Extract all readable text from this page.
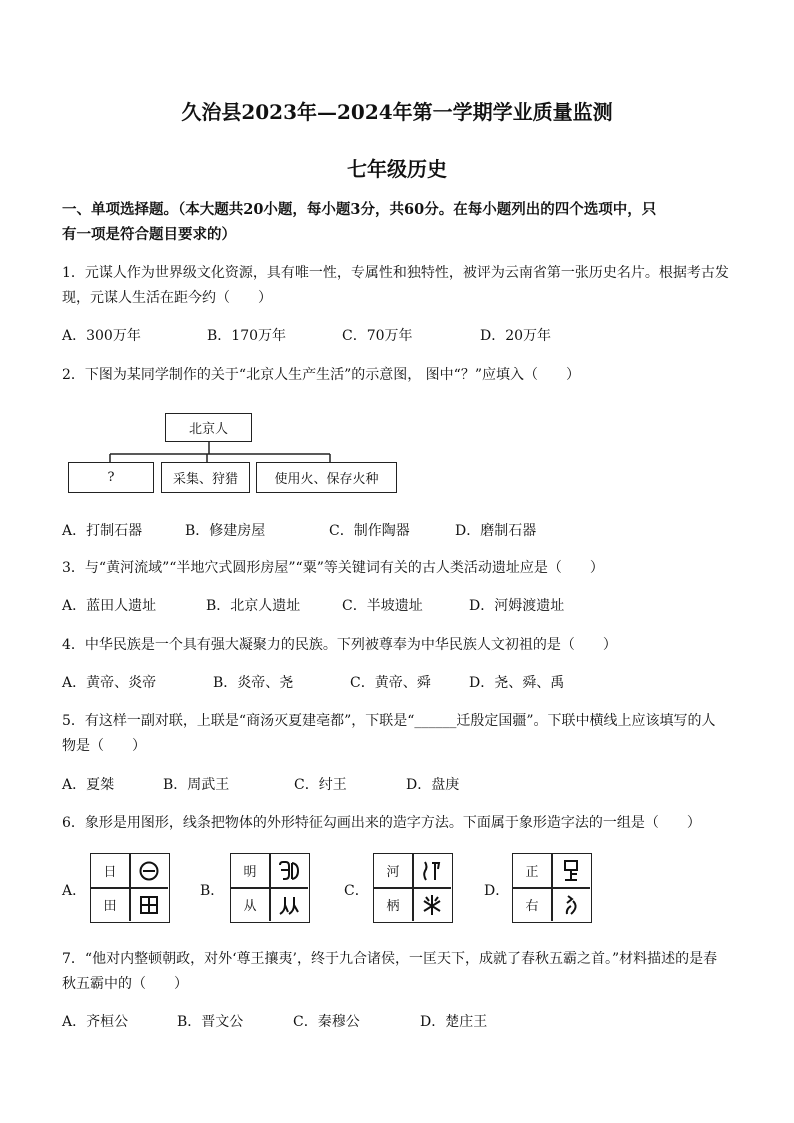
久治县2023年—2024年第一学期学业质量监测
七年级历史
一、单项选择题。（本大题共20小题，每小题3分，共60分。在每小题列出的四个选项中，只
有一项是符合题目要求的）
1．元谋人作为世界级文化资源，具有唯一性，专属性和独特性，被评为云南省第一张历史名片。根据考古发
现，元谋人生活在距今约（　　）
A．300万年	B．170万年	C．70万年	D．20万年
2．下图为某同学制作的关于“北京人生产生活”的示意图， 图中“？”应填入（　　）
北京人
?	采集、狩猎	使用火、保存火种
A．打制石器	B．修建房屋	C．制作陶器	D．磨制石器
3．与“黄河流域”“半地穴式圆形房屋”“粟”等关键词有关的古人类活动遗址应是（　　）
A．蓝田人遗址	B．北京人遗址	C．半坡遗址	D．河姆渡遗址
4．中华民族是一个具有强大凝聚力的民族。下列被尊奉为中华民族人文初祖的是（　　）
A．黄帝、炎帝	B．炎帝、尧	C．黄帝、舜	D．尧、舜、禹
5．有这样一副对联，上联是“商汤灭夏建亳都”，下联是“______迁殷定国疆”。下联中横线上应该填写的人
物是（　　）
A．夏桀	B．周武王	C．纣王	D．盘庚
6．象形是用图形，线条把物体的外形特征勾画出来的造字方法。下面属于象形造字法的一组是（　　）
A．
日
田
B．
明
从
C．
河
柄
D．
正
右
7．“他对内整顿朝政，对外‘尊王攘夷’，终于九合诸侯，一匡天下，成就了春秋五霸之首。”材料描述的是春
秋五霸中的（　　）
A．齐桓公	B．晋文公	C．秦穆公	D．楚庄王
